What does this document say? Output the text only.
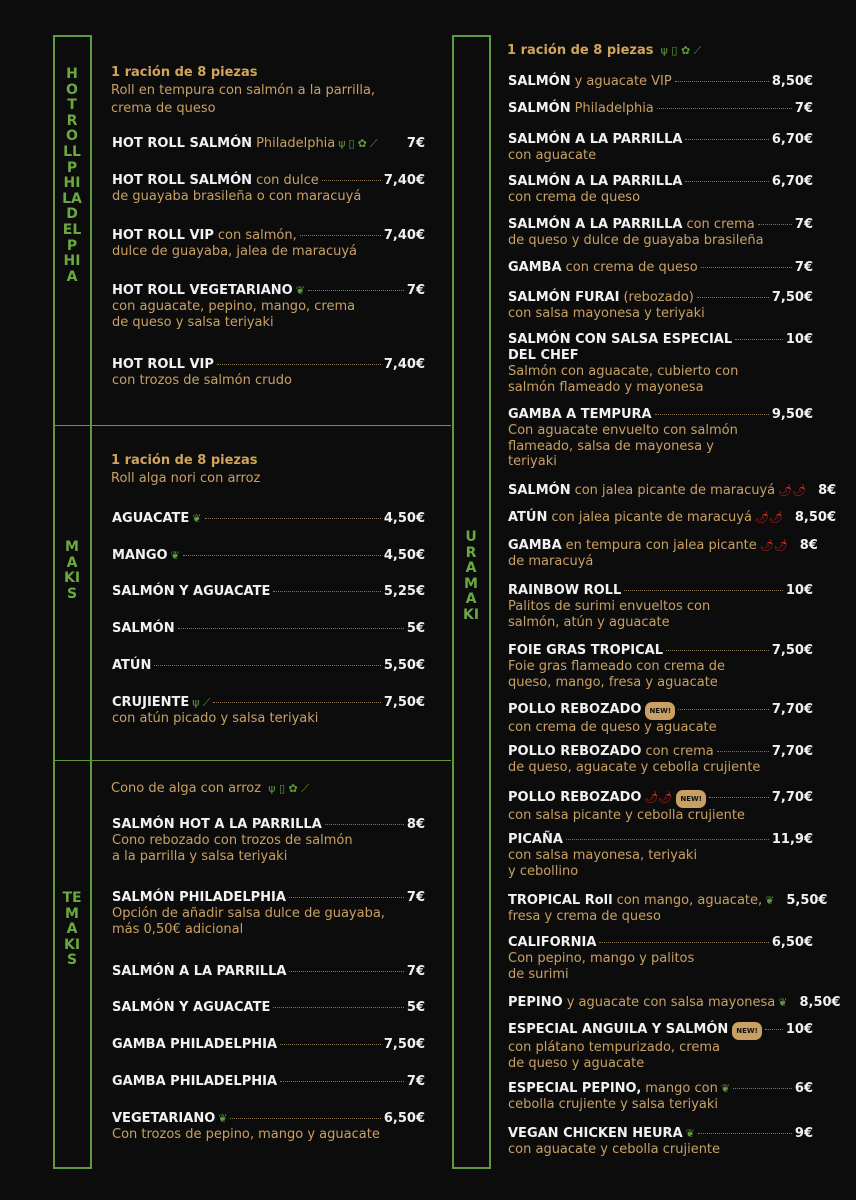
HOT ROLL PHILADELPHIA
MAKIS
TEMAKIS
URAMAKI
1 ración de 8 piezas
Roll en tempura con salmón a la parrilla,
crema de queso
1 ración de 8 piezas
Roll alga nori con arroz
Cono de alga con arroz ψ ▯ ✿ ⟋
1 ración de 8 piezas ψ ▯ ✿ ⟋
HOT ROLL SALMÓN Philadelphia ψ ▯ ✿ ⟋ 7€
HOT ROLL SALMÓN con dulce	7,40€
de guayaba brasileña o con maracuyá
HOT ROLL VIP con salmón,	7,40€
dulce de guayaba, jalea de maracuyá
HOT ROLL VEGETARIANO ❦	7€
con aguacate, pepino, mango, crema
de queso y salsa teriyaki
HOT ROLL VIP	7,40€
con trozos de salmón crudo
AGUACATE ❦	4,50€
MANGO ❦	4,50€
SALMÓN Y AGUACATE	5,25€
SALMÓN	5€
ATÚN	5,50€
CRUJIENTE ψ ⟋	7,50€
con atún picado y salsa teriyaki
SALMÓN HOT A LA PARRILLA	8€
Cono rebozado con trozos de salmón
a la parrilla y salsa teriyaki
SALMÓN PHILADELPHIA	7€
Opción de añadir salsa dulce de guayaba,
más 0,50€ adicional
SALMÓN A LA PARRILLA	7€
SALMÓN Y AGUACATE	5€
GAMBA PHILADELPHIA	7,50€
GAMBA PHILADELPHIA	7€
VEGETARIANO ❦	6,50€
Con trozos de pepino, mango y aguacate
SALMÓN y aguacate VIP	8,50€
SALMÓN Philadelphia	7€
SALMÓN A LA PARRILLA	6,70€
con aguacate
SALMÓN A LA PARRILLA	6,70€
con crema de queso
SALMÓN A LA PARRILLA con crema	7€
de queso y dulce de guayaba brasileña
GAMBA con crema de queso	7€
SALMÓN FURAI (rebozado)	7,50€
con salsa mayonesa y teriyaki
SALMÓN CON SALSA ESPECIAL	10€
DEL CHEF
Salmón con aguacate, cubierto con
salmón flameado y mayonesa
GAMBA A TEMPURA	9,50€
Con aguacate envuelto con salmón
flameado, salsa de mayonesa y
teriyaki
SALMÓN con jalea picante de maracuyá 🌶🌶 8€
ATÚN con jalea picante de maracuyá 🌶🌶 8,50€
GAMBA en tempura con jalea picante 🌶🌶 8€
de maracuyá
RAINBOW ROLL	10€
Palitos de surimi envueltos con
salmón, atún y aguacate
FOIE GRAS TROPICAL	7,50€
Foie gras flameado con crema de
queso, mango, fresa y aguacate
POLLO REBOZADO	NEW!	7,70€
con crema de queso y aguacate
POLLO REBOZADO con crema	7,70€
de queso, aguacate y cebolla crujiente
POLLO REBOZADO 🌶🌶	NEW!	7,70€
con salsa picante y cebolla crujiente
PICAÑA	11,9€
con salsa mayonesa, teriyaki
y cebollino
TROPICAL Roll con mango, aguacate, ❦ 5,50€
fresa y crema de queso
CALIFORNIA	6,50€
Con pepino, mango y palitos
de surimi
PEPINO y aguacate con salsa mayonesa ❦ 8,50€
ESPECIAL ANGUILA Y SALMÓN	NEW!	10€
con plátano tempurizado, crema
de queso y aguacate
ESPECIAL PEPINO, mango con ❦	6€
cebolla crujiente y salsa teriyaki
VEGAN CHICKEN HEURA ❦	9€
con aguacate y cebolla crujiente
